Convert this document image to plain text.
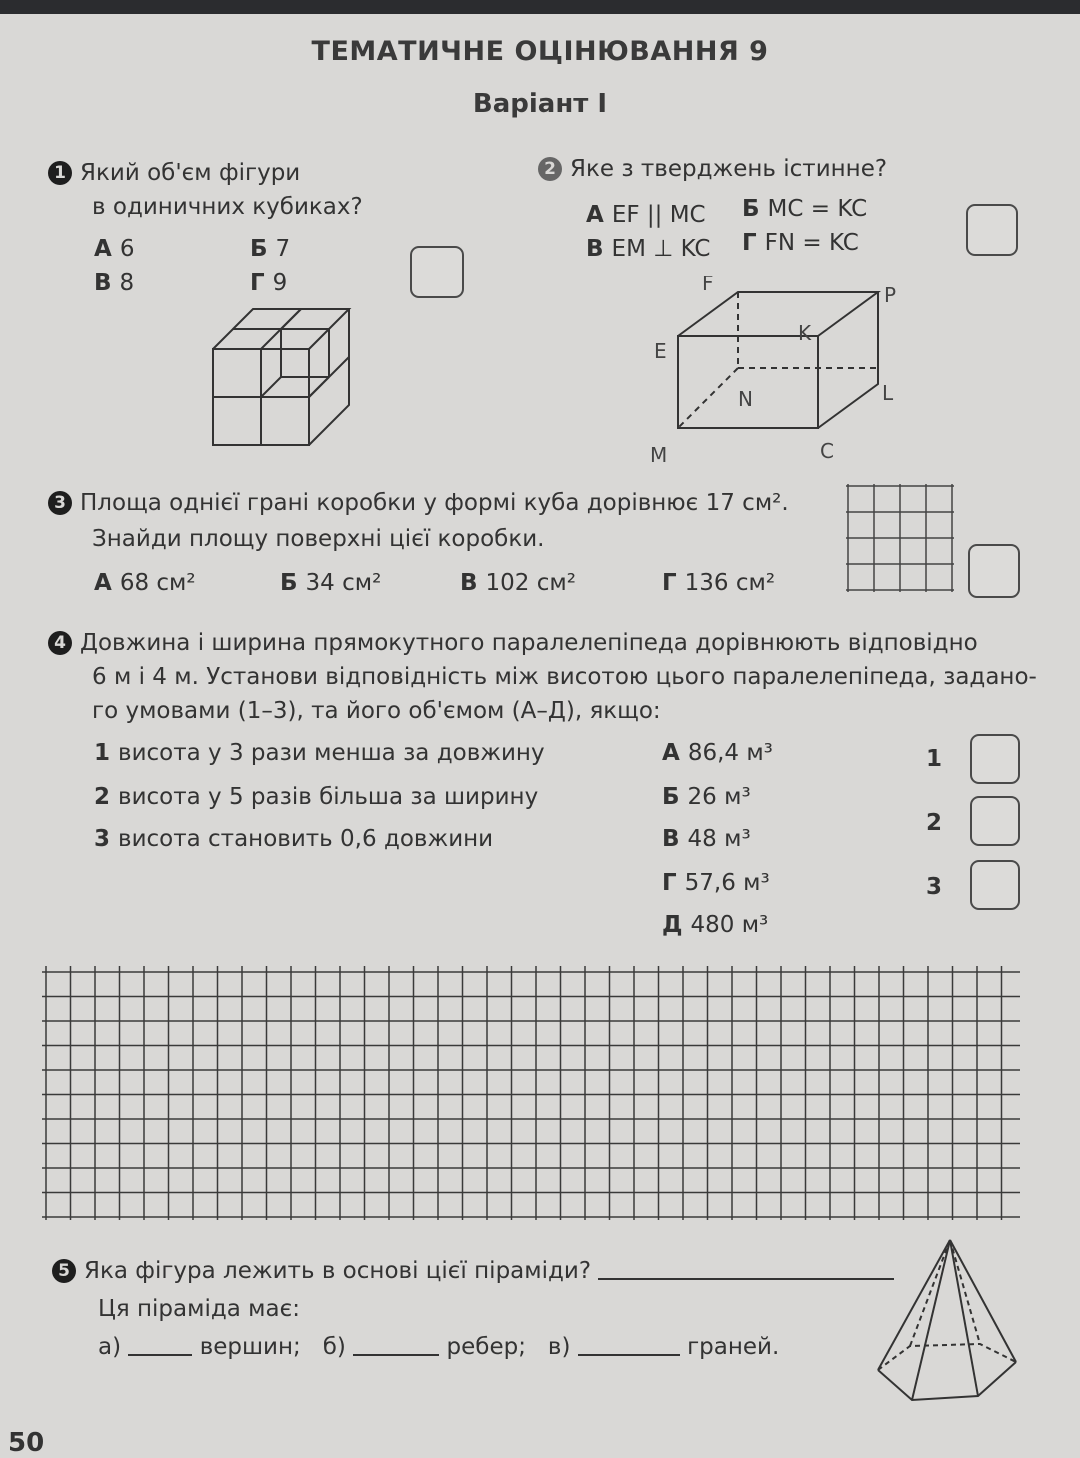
ТЕМАТИЧНЕ ОЦІНЮВАННЯ 9
Варіант I
1 Який об'єм фігури
в одиничних кубиках?
А 6	Б 7
В 8	Г 9
2 Яке з тверджень істинне?
А EF || MC Б MC = KC
В EM ⊥ KC Г FN = KC
F	P
E
K
N	L
M	C
3 Площа однієї грані коробки у формі куба дорівнює 17 см².
Знайди площу поверхні цієї коробки.
А 68 см²	Б 34 см²	В 102 см²	Г 136 см²
4 Довжина і ширина прямокутного паралелепіпеда дорівнюють відповідно
6 м і 4 м. Установи відповідність між висотою цього паралелепіпеда, задано-
го умовами (1–3), та його об'ємом (А–Д), якщо:
1 висота у 3 рази менша за довжину
2 висота у 5 разів більша за ширину
3 висота становить 0,6 довжини
А 86,4 м³
Б 26 м³
В 48 м³
Г 57,6 м³
Д 480 м³
1
2
3
5 Яка фігура лежить в основі цієї піраміди?
Ця піраміда має:
а)	вершин; б)	ребер; в)	граней.
50
